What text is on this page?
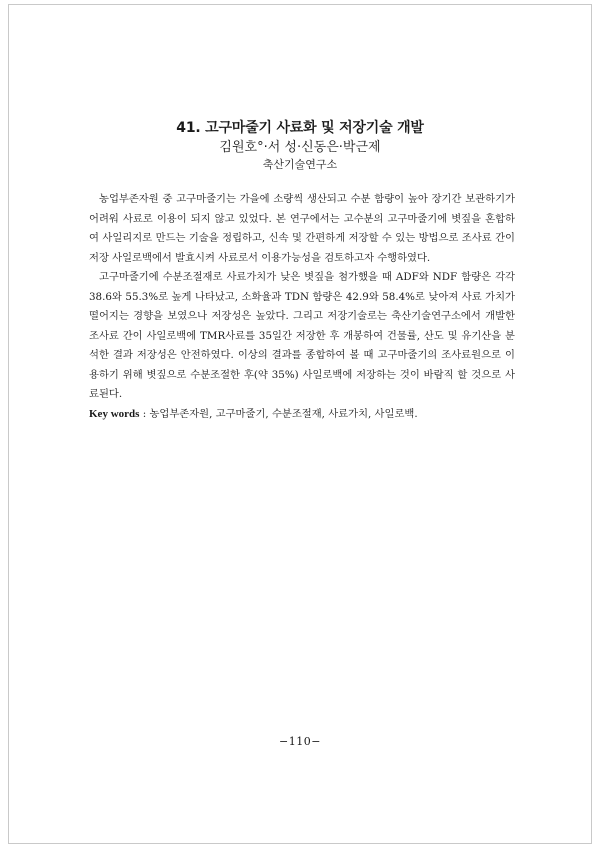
41. 고구마줄기 사료화 및 저장기술 개발
김원호°·서 성·신동은·박근제
축산기술연구소

농업부존자원 중 고구마줄기는 가을에 소량씩 생산되고 수분 함량이 높아 장기간 보관하기가 어려워 사료로 이용이 되지 않고 있었다. 본 연구에서는 고수분의 고구마줄기에 볏짚을 혼합하여 사일리지로 만드는 기술을 정립하고, 신속 및 간편하게 저장할 수 있는 방법으로 조사료 간이 저장 사일로백에서 발효시켜 사료로서 이용가능성을 검토하고자 수행하였다.

고구마줄기에 수분조절재로 사료가치가 낮은 볏짚을 첨가했을 때 ADF와 NDF 함량은 각각 38.6와 55.3%로 높게 나타났고, 소화율과 TDN 함량은 42.9와 58.4%로 낮아져 사료 가치가 떨어지는 경향을 보였으나 저장성은 높았다. 그리고 저장기술로는 축산기술연구소에서 개발한 조사료 간이 사일로백에 TMR사료를 35일간 저장한 후 개봉하여 건물률, 산도 및 유기산을 분석한 결과 저장성은 안전하였다. 이상의 결과를 종합하여 볼 때 고구마줄기의 조사료원으로 이용하기 위해 볏짚으로 수분조절한 후(약 35%) 사일로백에 저장하는 것이 바람직 할 것으로 사료된다.

Key words : 농업부존자원, 고구마줄기, 수분조절재, 사료가치, 사일로백.
−110−
